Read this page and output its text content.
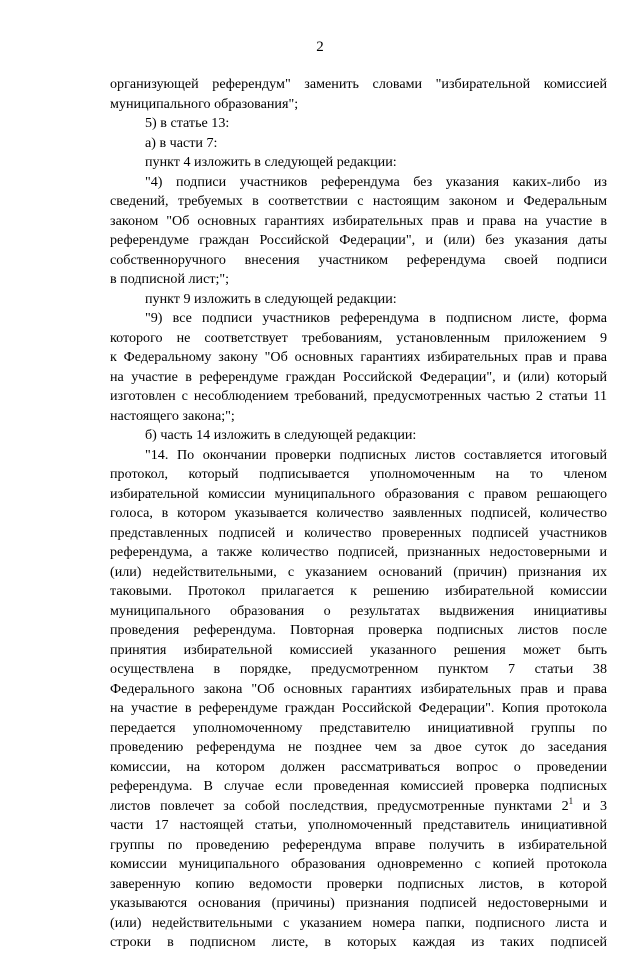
2
организующей референдум" заменить словами "избирательной комиссией
муниципального образования";
5) в статье 13:
а) в части 7:
пункт 4 изложить в следующей редакции:
"4) подписи участников референдума без указания каких-либо из
сведений, требуемых в соответствии с настоящим законом и Федеральным
законом "Об основных гарантиях избирательных прав и права на участие в
референдуме граждан Российской Федерации", и (или) без указания даты
собственноручного внесения участником референдума своей подписи
в подписной лист;";
пункт 9 изложить в следующей редакции:
"9) все подписи участников референдума в подписном листе, форма
которого не соответствует требованиям, установленным приложением 9
к Федеральному закону "Об основных гарантиях избирательных прав и права
на участие в референдуме граждан Российской Федерации", и (или) который
изготовлен с несоблюдением требований, предусмотренных частью 2 статьи 11
настоящего закона;";
б) часть 14 изложить в следующей редакции:
"14. По окончании проверки подписных листов составляется итоговый
протокол, который подписывается уполномоченным на то членом
избирательной комиссии муниципального образования с правом решающего
голоса, в котором указывается количество заявленных подписей, количество
представленных подписей и количество проверенных подписей участников
референдума, а также количество подписей, признанных недостоверными и
(или) недействительными, с указанием оснований (причин) признания их
таковыми. Протокол прилагается к решению избирательной комиссии
муниципального образования о результатах выдвижения инициативы
проведения референдума. Повторная проверка подписных листов после
принятия избирательной комиссией указанного решения может быть
осуществлена в порядке, предусмотренном пунктом 7 статьи 38
Федерального закона "Об основных гарантиях избирательных прав и права
на участие в референдуме граждан Российской Федерации". Копия протокола
передается уполномоченному представителю инициативной группы по
проведению референдума не позднее чем за двое суток до заседания
комиссии, на котором должен рассматриваться вопрос о проведении
референдума. В случае если проведенная комиссией проверка подписных
листов повлечет за собой последствия, предусмотренные пунктами $2^1$ и 3
части 17 настоящей статьи, уполномоченный представитель инициативной
группы по проведению референдума вправе получить в избирательной
комиссии муниципального образования одновременно с копией протокола
заверенную копию ведомости проверки подписных листов, в которой
указываются основания (причины) признания подписей недостоверными и
(или) недействительными с указанием номера папки, подписного листа и
строки в подписном листе, в которых каждая из таких подписей
